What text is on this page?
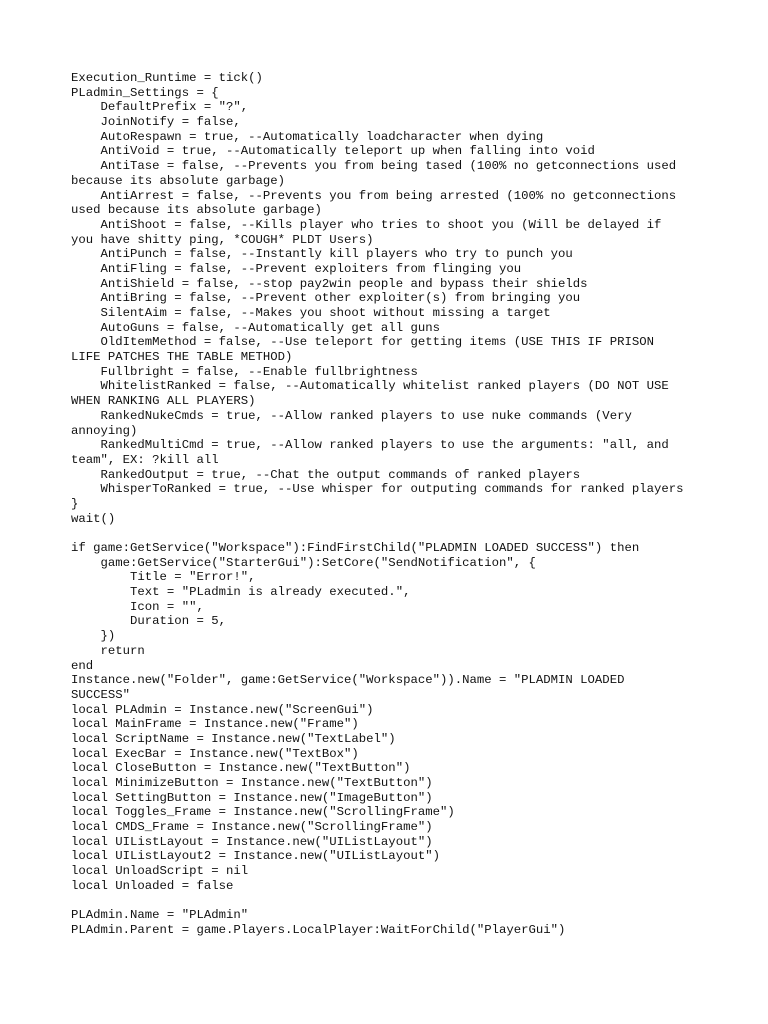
Execution_Runtime = tick()
PLadmin_Settings = {
DefaultPrefix = "?",
JoinNotify = false,
AutoRespawn = true, --Automatically loadcharacter when dying
AntiVoid = true, --Automatically teleport up when falling into void
AntiTase = false, --Prevents you from being tased (100% no getconnections used
because its absolute garbage)
AntiArrest = false, --Prevents you from being arrested (100% no getconnections
used because its absolute garbage)
AntiShoot = false, --Kills player who tries to shoot you (Will be delayed if
you have shitty ping, *COUGH* PLDT Users)
AntiPunch = false, --Instantly kill players who try to punch you
AntiFling = false, --Prevent exploiters from flinging you
AntiShield = false, --stop pay2win people and bypass their shields
AntiBring = false, --Prevent other exploiter(s) from bringing you
SilentAim = false, --Makes you shoot without missing a target
AutoGuns = false, --Automatically get all guns
OldItemMethod = false, --Use teleport for getting items (USE THIS IF PRISON
LIFE PATCHES THE TABLE METHOD)
Fullbright = false, --Enable fullbrightness
WhitelistRanked = false, --Automatically whitelist ranked players (DO NOT USE
WHEN RANKING ALL PLAYERS)
RankedNukeCmds = true, --Allow ranked players to use nuke commands (Very
annoying)
RankedMultiCmd = true, --Allow ranked players to use the arguments: "all, and
team", EX: ?kill all
RankedOutput = true, --Chat the output commands of ranked players
WhisperToRanked = true, --Use whisper for outputing commands for ranked players
}
wait()
if game:GetService("Workspace"):FindFirstChild("PLADMIN LOADED SUCCESS") then
game:GetService("StarterGui"):SetCore("SendNotification", {
Title = "Error!",
Text = "PLadmin is already executed.",
Icon = "",
Duration = 5,
})
return
end
Instance.new("Folder", game:GetService("Workspace")).Name = "PLADMIN LOADED
SUCCESS"
local PLAdmin = Instance.new("ScreenGui")
local MainFrame = Instance.new("Frame")
local ScriptName = Instance.new("TextLabel")
local ExecBar = Instance.new("TextBox")
local CloseButton = Instance.new("TextButton")
local MinimizeButton = Instance.new("TextButton")
local SettingButton = Instance.new("ImageButton")
local Toggles_Frame = Instance.new("ScrollingFrame")
local CMDS_Frame = Instance.new("ScrollingFrame")
local UIListLayout = Instance.new("UIListLayout")
local UIListLayout2 = Instance.new("UIListLayout")
local UnloadScript = nil
local Unloaded = false
PLAdmin.Name = "PLAdmin"
PLAdmin.Parent = game.Players.LocalPlayer:WaitForChild("PlayerGui")
